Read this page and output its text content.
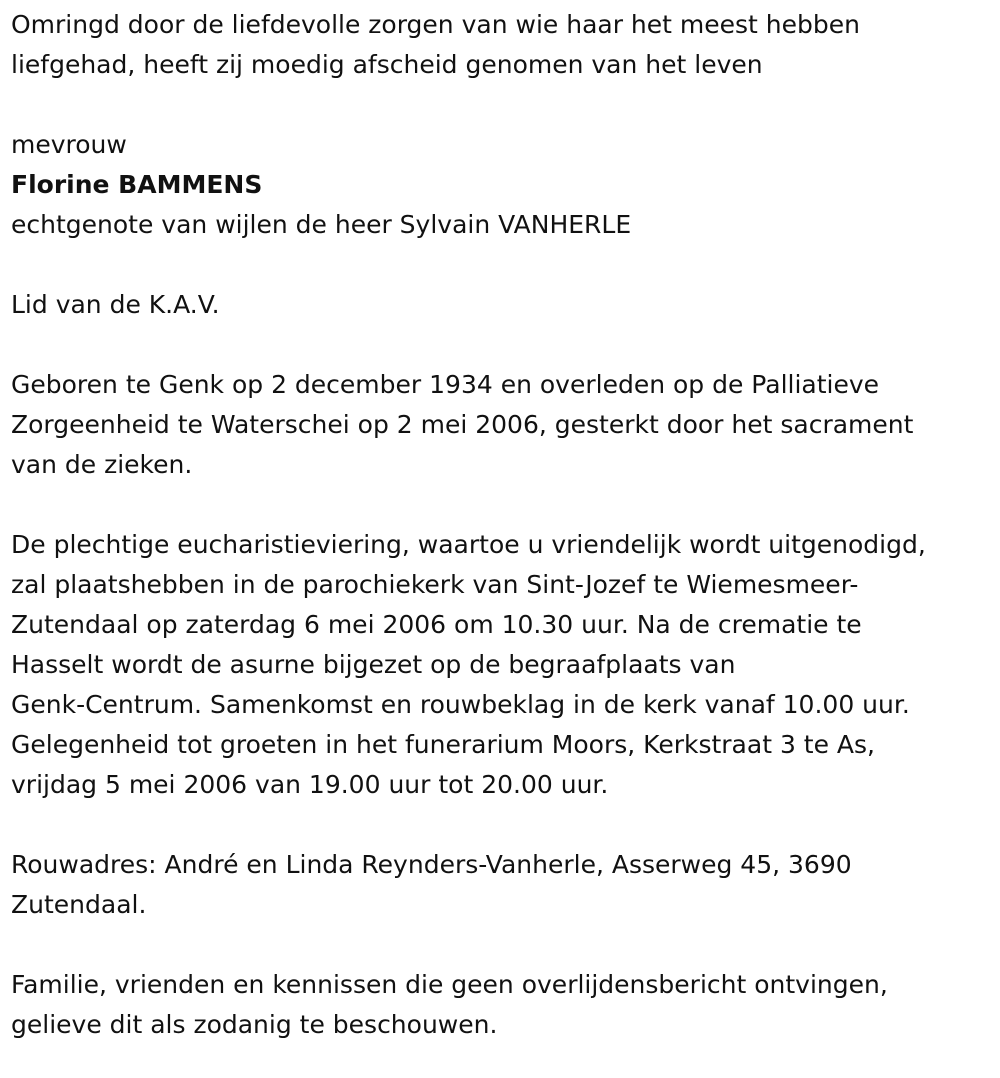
Omringd door de liefdevolle zorgen van wie haar het meest hebben
liefgehad, heeft zij moedig afscheid genomen van het leven

mevrouw

Florine BAMMENS

echtgenote van wijlen de heer Sylvain VANHERLE

Lid van de K.A.V.

Geboren te Genk op 2 december 1934 en overleden op de Palliatieve
Zorgeenheid te Waterschei op 2 mei 2006, gesterkt door het sacrament
van de zieken.

De plechtige eucharistieviering, waartoe u vriendelijk wordt uitgenodigd,
zal plaatshebben in de parochiekerk van Sint-Jozef te Wiemesmeer-
Zutendaal op zaterdag 6 mei 2006 om 10.30 uur. Na de crematie te
Hasselt wordt de asurne bijgezet op de begraafplaats van
Genk-Centrum. Samenkomst en rouwbeklag in de kerk vanaf 10.00 uur.
Gelegenheid tot groeten in het funerarium Moors, Kerkstraat 3 te As,
vrijdag 5 mei 2006 van 19.00 uur tot 20.00 uur.

Rouwadres: André en Linda Reynders-Vanherle, Asserweg 45, 3690
Zutendaal.

Familie, vrienden en kennissen die geen overlijdensbericht ontvingen,
gelieve dit als zodanig te beschouwen.
